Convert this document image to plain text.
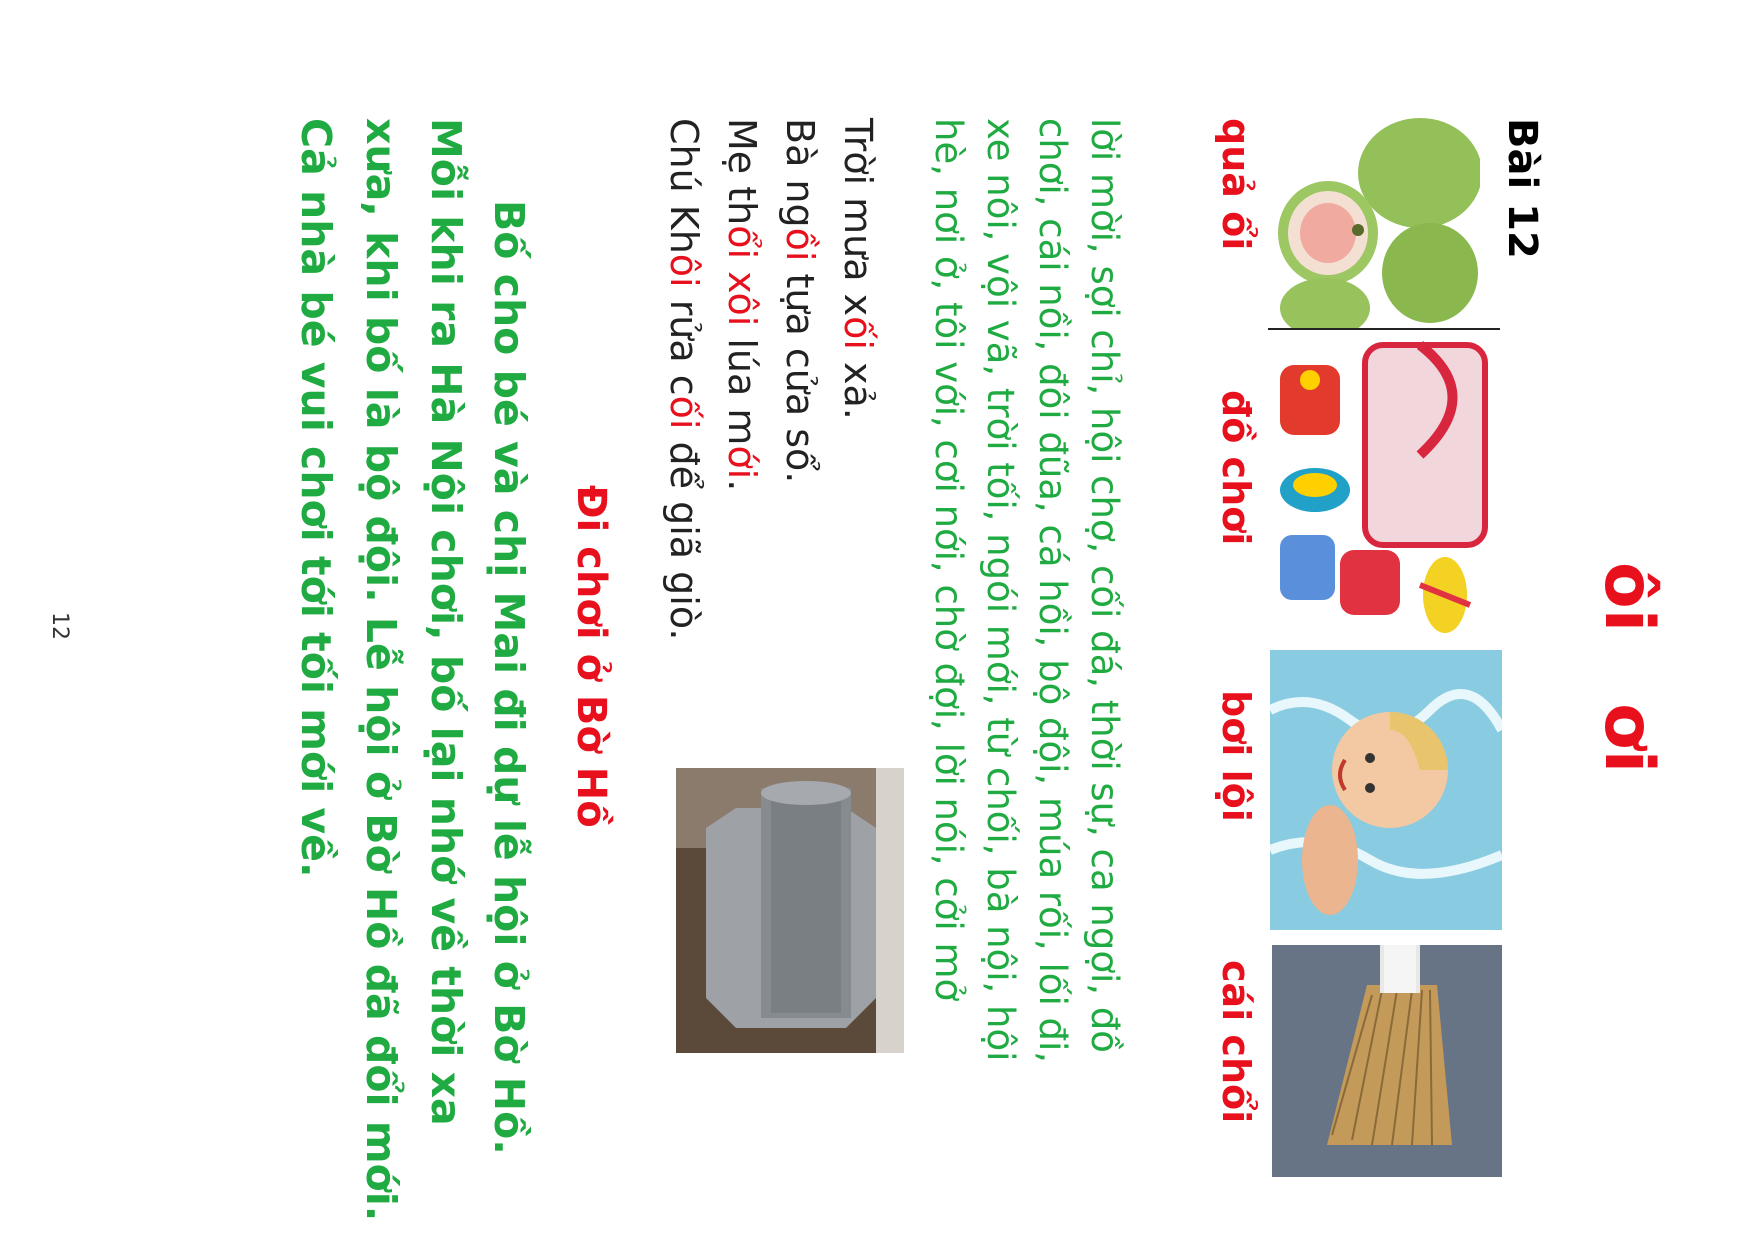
Bài 12
ôi   ơi
quả ổi
đồ chơi
bơi lội
cái chổi

lời mời, sợi chỉ, hội chợ, cối đá, thời sự, ca ngợi, đồ chơi, cái nồi, đôi đũa, cá hồi, bộ đội, múa rối, lối đi, xe nôi, vội vã, trời tối, ngói mới, từ chối, bà nội, hội hè, nơi ở, tôi với, cơi nới, chờ đợi, lời nói, cởi mở

Trời mưa xối xả.
Bà ngồi tựa cửa sổ.
Mẹ thổi xôi lúa mới.
Chú Khôi rửa cối để giã giò.
Đi chơi ở Bờ Hồ
Bố cho bé và chị Mai đi dự lễ hội ở Bờ Hồ.
Mỗi khi ra Hà Nội chơi, bố lại nhớ về thời xa
xưa, khi bố là bộ đội. Lễ hội ở Bờ Hồ đã đổi mới.
Cả nhà bé vui chơi tới tối mới về.
12
